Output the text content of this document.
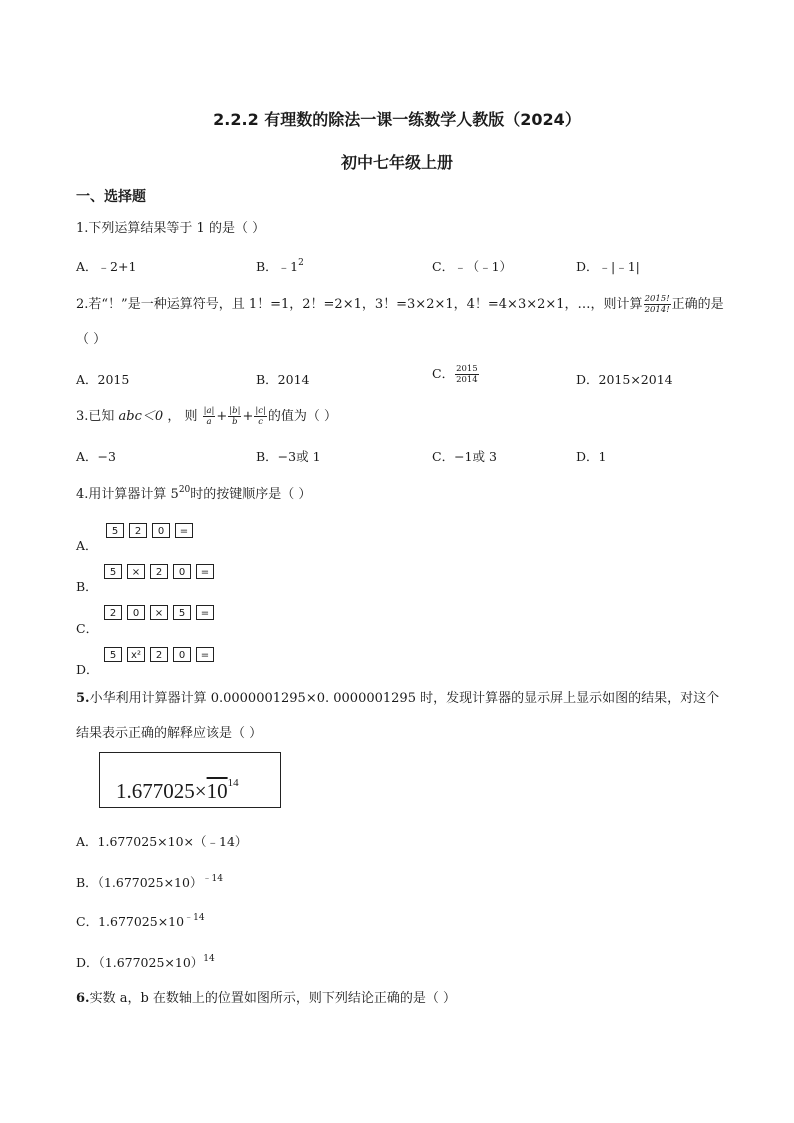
2.2.2 有理数的除法一课一练数学人教版（2024）
初中七年级上册
一、选择题
1.下列运算结果等于 1 的是（ ）
A．﹣2+1	B．$﹣1^2$	C．﹣（﹣1）	D．﹣|﹣1|
2.若“！”是一种运算符号，且 1！=1，2！=2×1，3！=3×2×1，4！=4×3×2×1，…，则计算 $\frac{2015!}{2014!}$ 正确的是（ ）
A．2015	B．2014	C． $\frac{2015}{2014}$	D．2015×2014
3.已知 abc＜0 ， 则 $\frac{|a|}{a} + \frac{|b|}{b} + \frac{|c|}{c}$ 的值为（ ）
A．−3	B．−3或 1	C．−1或 3	D．1
4.用计算器计算 $5^{20}$时的按键顺序是（ ）
A．
5	2	0	=
B．
5	×	2	0	=
C．
2	0	×	5	=
D．
5	x²	2	0	=
5.小华利用计算器计算 0.0000001295×0. 0000001295 时，发现计算器的显示屏上显示如图的结果，对这个结果表示正确的解释应该是（ ）
$1.677025\times 10^{14}$
A．1.677025×10×（﹣14）
B．$(1.677025\times 10)^{﹣14}$
C．$1.677025\times 10^{﹣14}$
D．$(1.677025\times 10)^{14}$
6.实数 a，b 在数轴上的位置如图所示，则下列结论正确的是（ ）
